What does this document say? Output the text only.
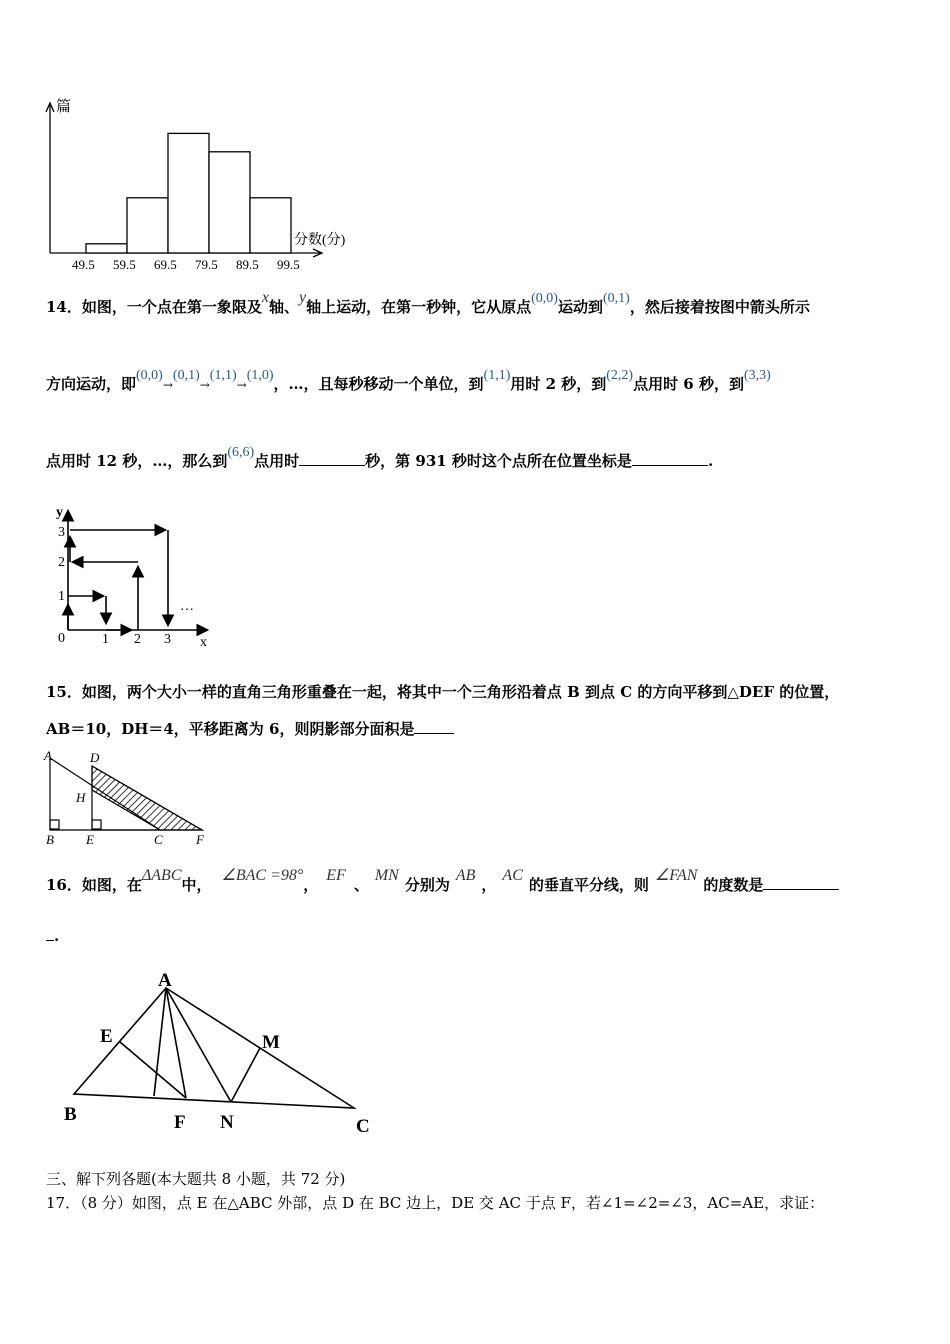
49.5 59.5 69.5 79.5 89.5 99.5
篇
分数(分)
14．如图，一个点在第一象限及x轴、y轴上运动，在第一秒钟，它从原点(0,0)运动到(0,1)，然后接着按图中箭头所示
方向运动，即(0,0)→(0,1)→(1,1)→(1,0)，…，且每秒移动一个单位，到(1,1)用时 2 秒，到(2,2)点用时 6 秒，到(3,3)
点用时 12 秒，…，那么到(6,6)点用时	秒，第 931 秒时这个点所在位置坐标是	.
y
x
0
1
2
3
1 2 3
…
15．如图，两个大小一样的直角三角形重叠在一起，将其中一个三角形沿着点 B 到点 C 的方向平移到△DEF 的位置，
AB＝10，DH＝4，平移距离为 6，则阴影部分面积是
A	D
H
B E	C	F
16．如图，在ΔABC中，∠BAC =98°，EF、MN分别为AB，AC的垂直平分线，则∠FAN的度数是
.
A
E	M
B	F N	C
三、解下列各题(本大题共 8 小题，共 72 分)
17．（8 分）如图，点 E 在△ABC 外部，点 D 在 BC 边上，DE 交 AC 于点 F，若∠1=∠2=∠3，AC=AE，求证：
